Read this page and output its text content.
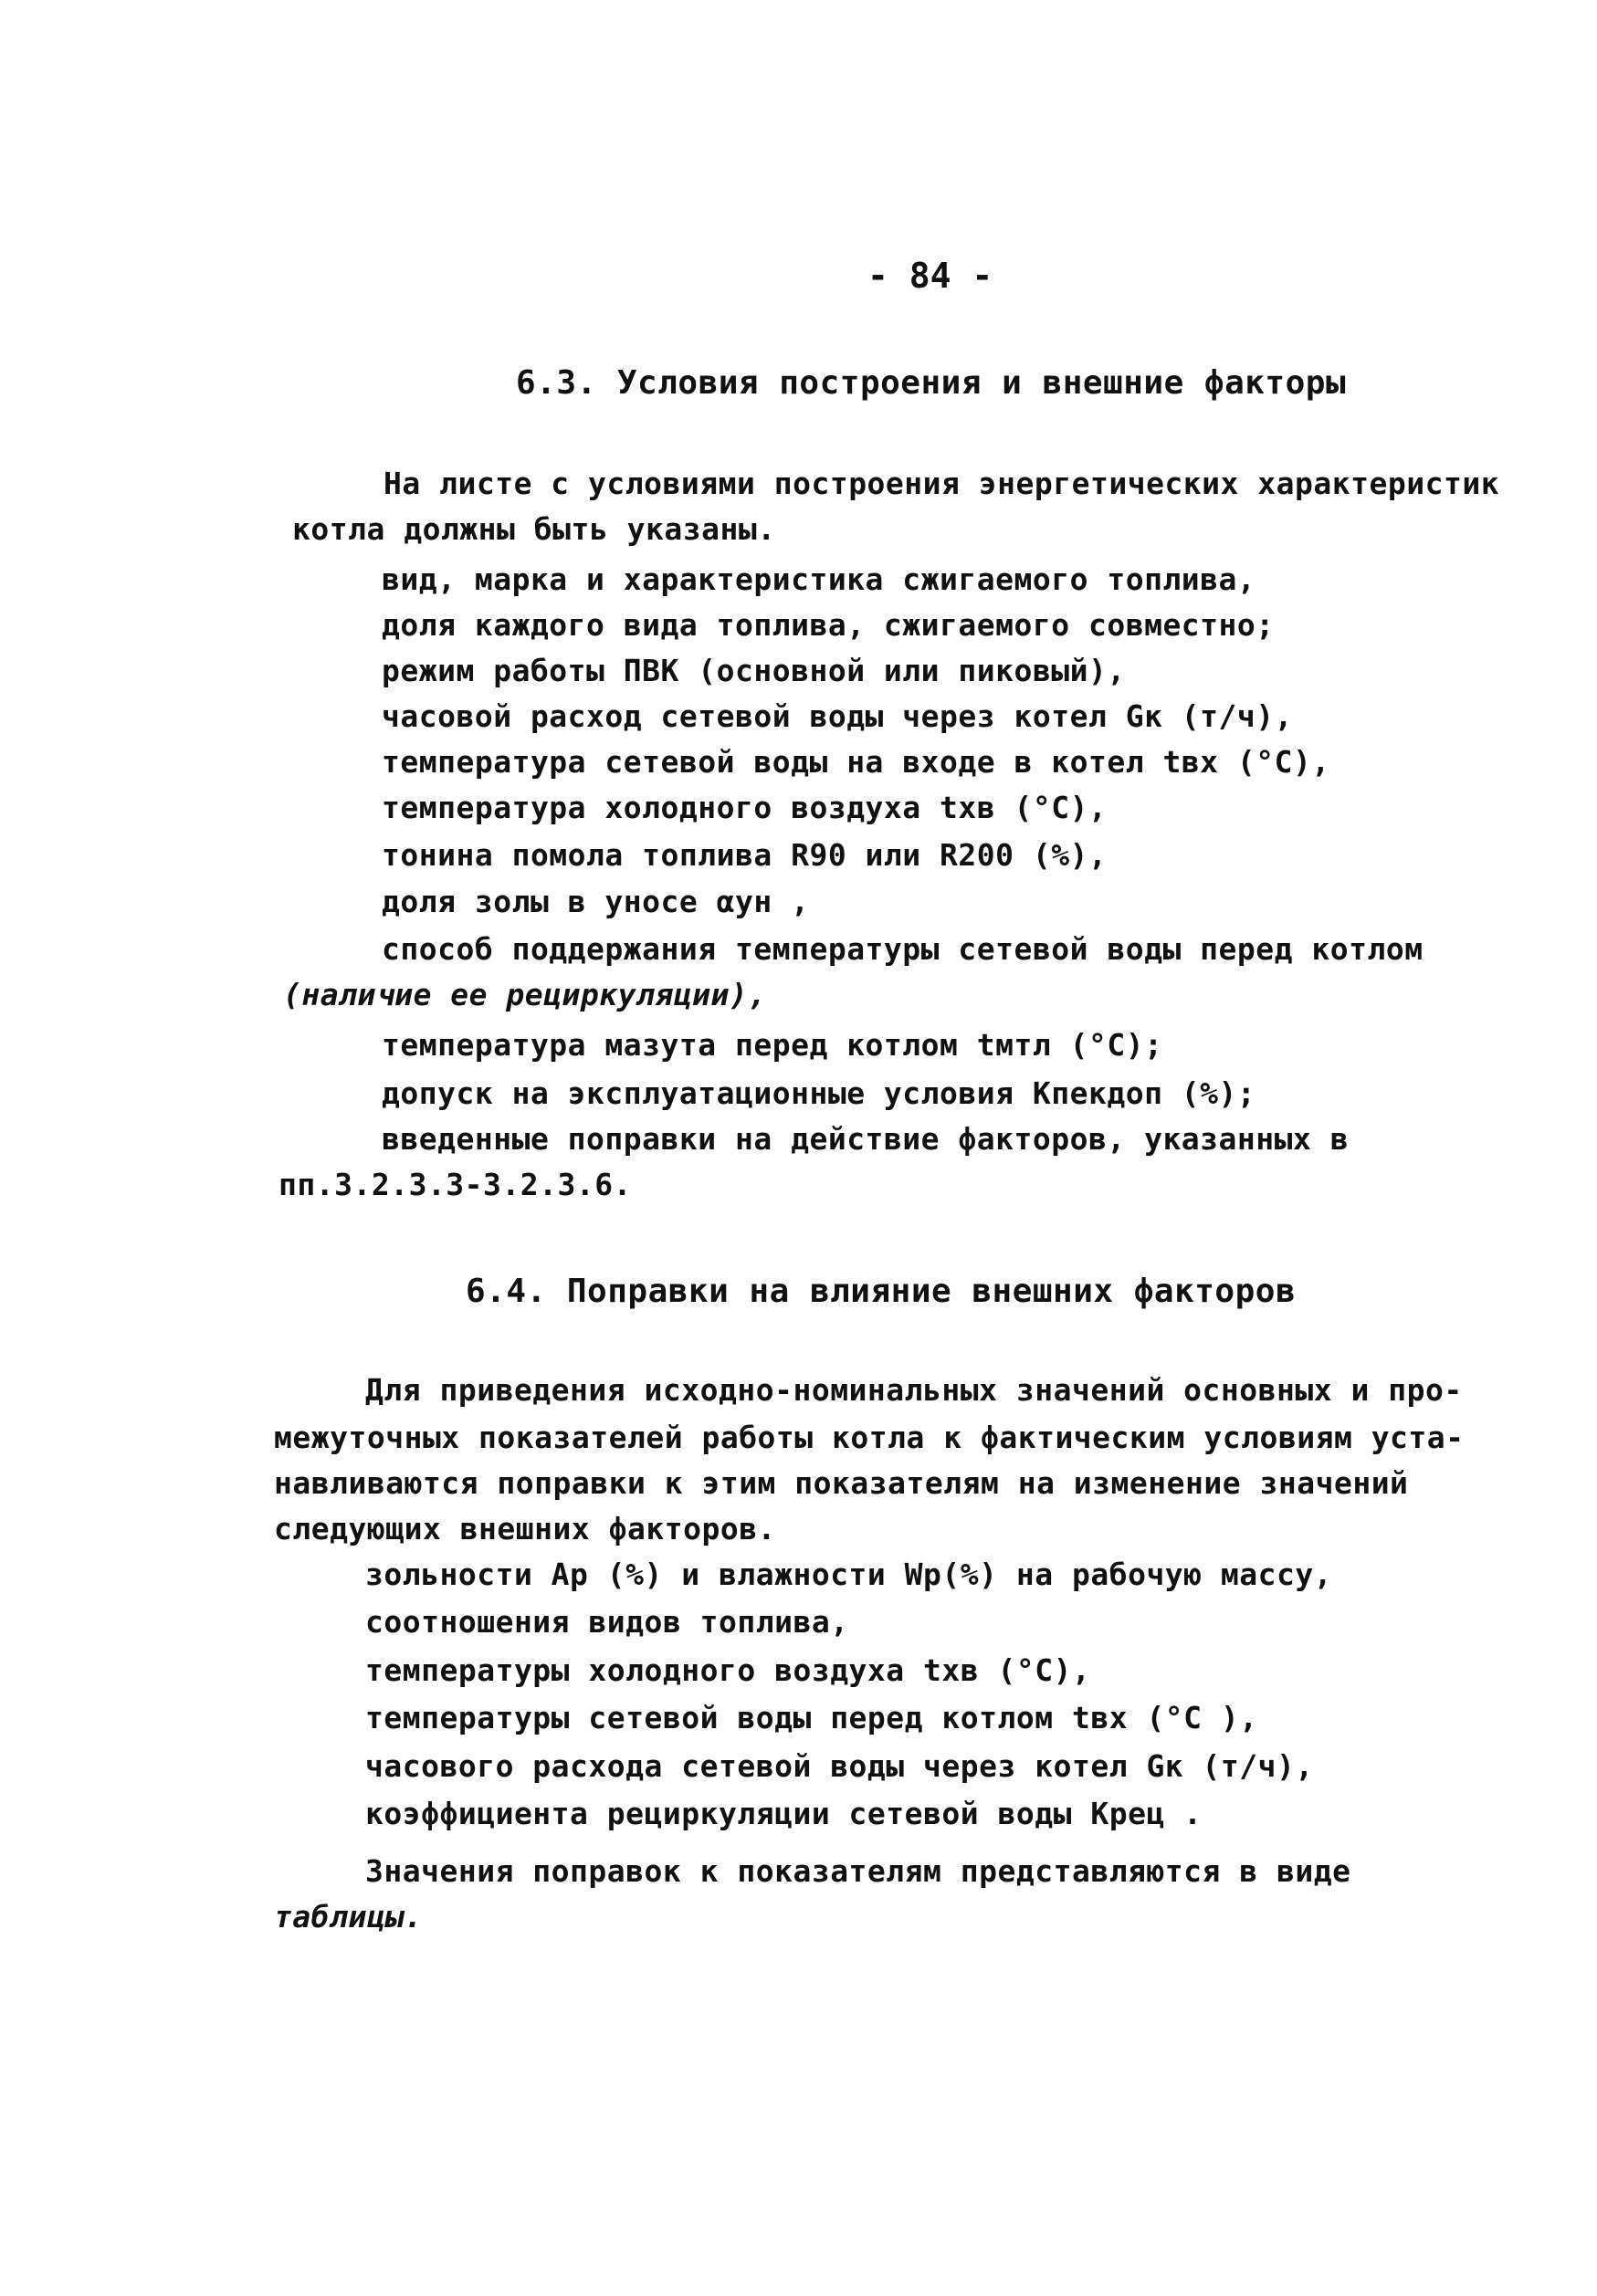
- 84 -
6.3. Условия построения и внешние факторы
На листе с условиями построения энергетических характеристик
котла должны быть указаны.
вид, марка и характеристика сжигаемого топлива,
доля каждого вида топлива, сжигаемого совместно;
режим работы ПВК (основной или пиковый),
часовой расход сетевой воды через котел Gк (т/ч),
температура сетевой воды на входе в котел tвх (°С),
температура холодного воздуха tхв (°С),
тонина помола топлива R90 или R200 (%),
доля золы в уносе αун ,
способ поддержания температуры сетевой воды перед котлом
(наличие ее рециркуляции),
температура мазута перед котлом tмтл (°С);
допуск на эксплуатационные условия Кпекдоп (%);
введенные поправки на действие факторов, указанных в
пп.3.2.3.3-3.2.3.6.
6.4. Поправки на влияние внешних факторов
Для приведения исходно-номинальных значений основных и про-
межуточных показателей работы котла к фактическим условиям уста-
навливаются поправки к этим показателям на изменение значений
следующих внешних факторов.
зольности Ар (%) и влажности Wр(%) на рабочую массу,
соотношения видов топлива,
температуры холодного воздуха tхв (°С),
температуры сетевой воды перед котлом tвх (°С ),
часового расхода сетевой воды через котел Gк (т/ч),
коэффициента рециркуляции сетевой воды Крец .
Значения поправок к показателям представляются в виде
таблицы.
